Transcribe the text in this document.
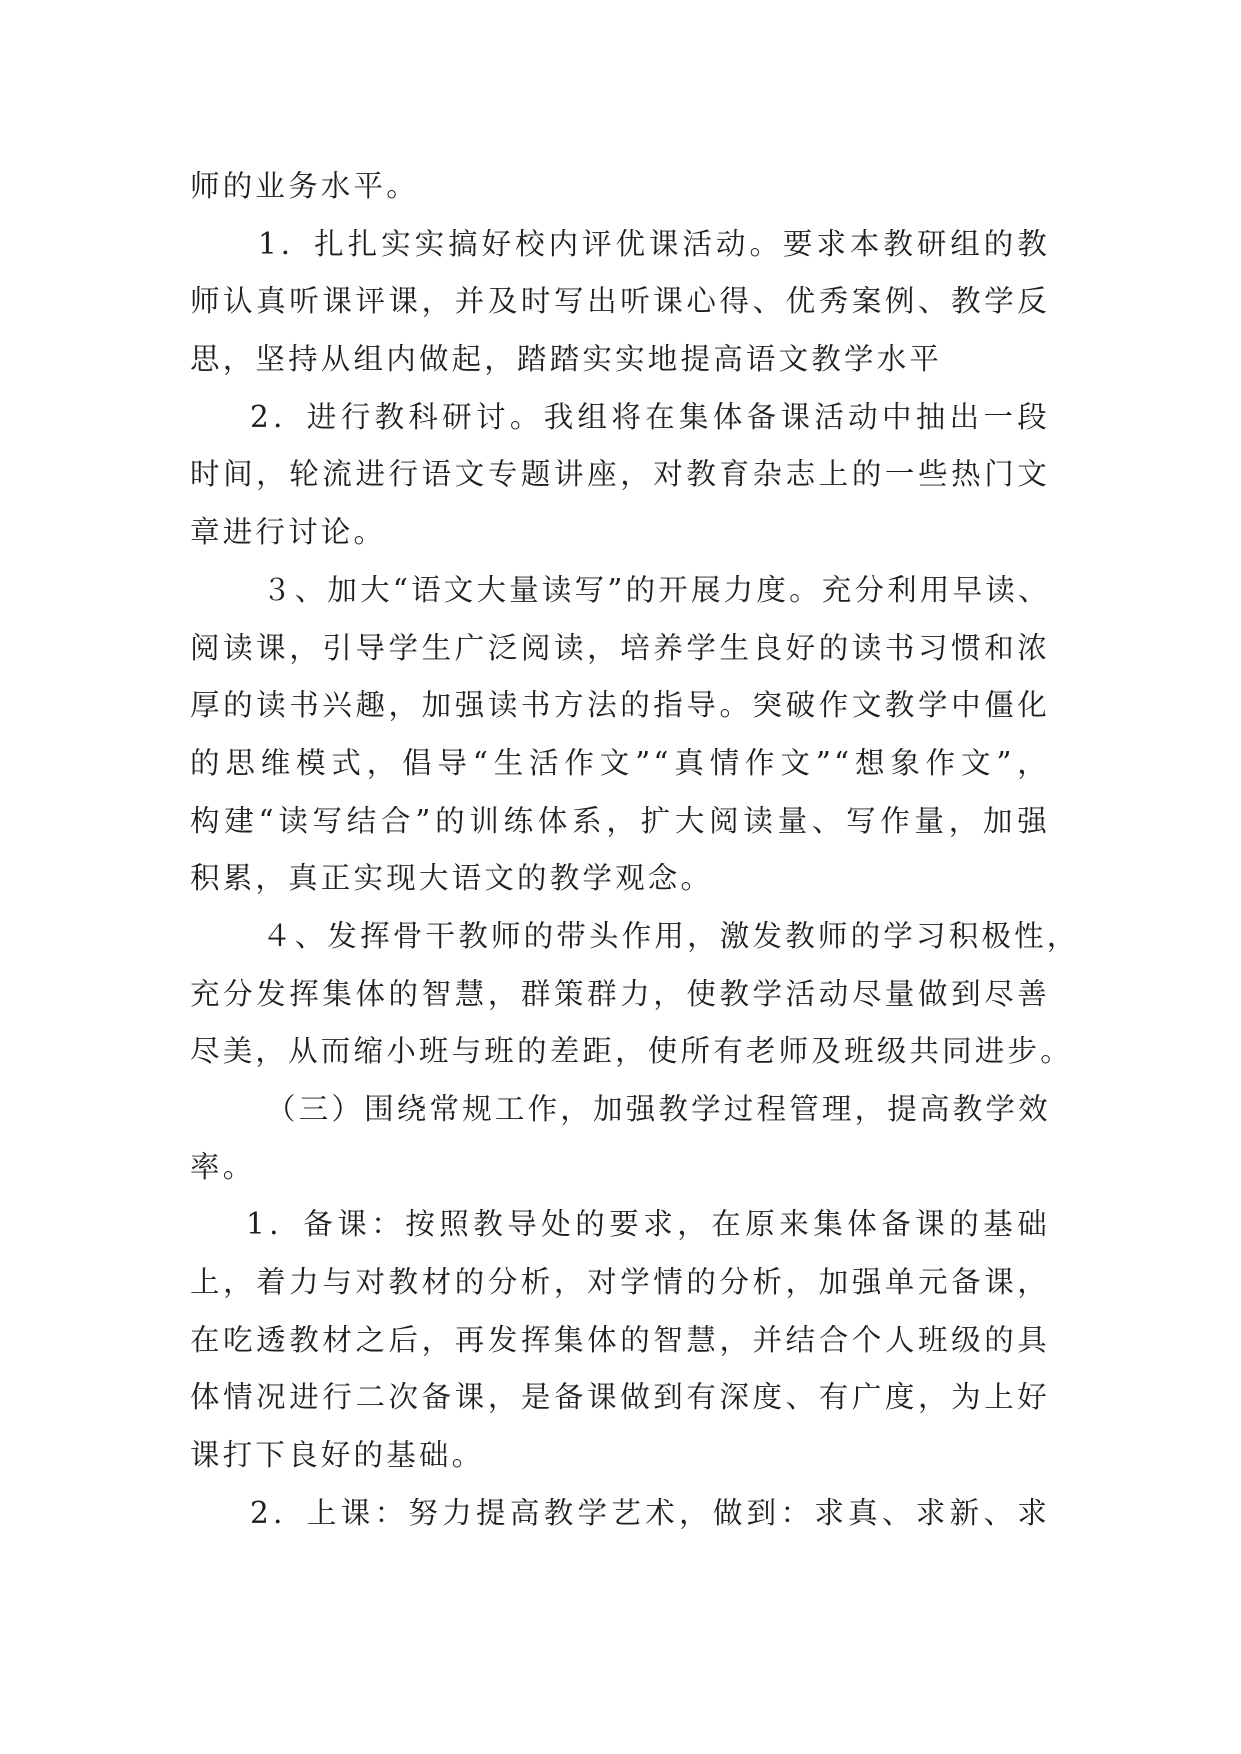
师的业务水平。
1．扎扎实实搞好校内评优课活动。要求本教研组的教
师认真听课评课，并及时写出听课心得、优秀案例、教学反
思，坚持从组内做起，踏踏实实地提高语文教学水平
2．进行教科研讨。我组将在集体备课活动中抽出一段
时间，轮流进行语文专题讲座，对教育杂志上的一些热门文
章进行讨论。
３、加大“语文大量读写”的开展力度。充分利用早读、
阅读课，引导学生广泛阅读，培养学生良好的读书习惯和浓
厚的读书兴趣，加强读书方法的指导。突破作文教学中僵化
的思维模式，倡导“生活作文”“真情作文”“想象作文”，
构建“读写结合”的训练体系，扩大阅读量、写作量，加强
积累，真正实现大语文的教学观念。
４、发挥骨干教师的带头作用，激发教师的学习积极性，
充分发挥集体的智慧，群策群力，使教学活动尽量做到尽善
尽美，从而缩小班与班的差距，使所有老师及班级共同进步。
（三）围绕常规工作，加强教学过程管理，提高教学效
率。
1．备课：按照教导处的要求，在原来集体备课的基础
上，着力与对教材的分析，对学情的分析，加强单元备课，
在吃透教材之后，再发挥集体的智慧，并结合个人班级的具
体情况进行二次备课，是备课做到有深度、有广度，为上好
课打下良好的基础。
2．上课：努力提高教学艺术，做到：求真、求新、求
